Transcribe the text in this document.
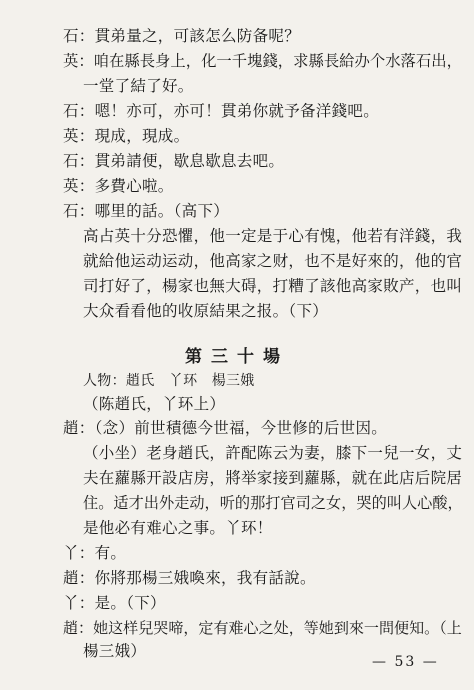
石：貫弟量之，可該怎么防备呢？
英：咱在縣長身上，化一千塊錢，求縣長給办个水落石出，
一堂了結了好。
石：嗯！亦可，亦可！貫弟你就予备洋錢吧。
英：現成，現成。
石：貫弟請便，歇息歇息去吧。
英：多費心啦。
石：哪里的話。（高下）
高占英十分恐懼，他一定是于心有愧，他若有洋錢，我
就給他运动运动，他高家之财，也不是好來的，他的官
司打好了，楊家也無大碍，打糟了該他高家敗产，也叫
大众看看他的收原結果之报。（下）
第三十場
人物：趙氏　丫环　楊三娥
（陈趙氏，丫环上）
趙：（念）前世積德今世福，今世修的后世因。
（小坐）老身趙氏，許配陈云为妻，膝下一兒一女，丈
夫在蘿縣开設店房，將举家接到蘿縣，就在此店后院居
住。适才出外走动，听的那打官司之女，哭的叫人心酸，
是他必有难心之事。丫环！
丫：有。
趙：你將那楊三娥喚來，我有話說。
丫：是。（下）
趙：她这样兒哭啼，定有难心之处，等她到來一問便知。（上
楊三娥）
— 53 —
